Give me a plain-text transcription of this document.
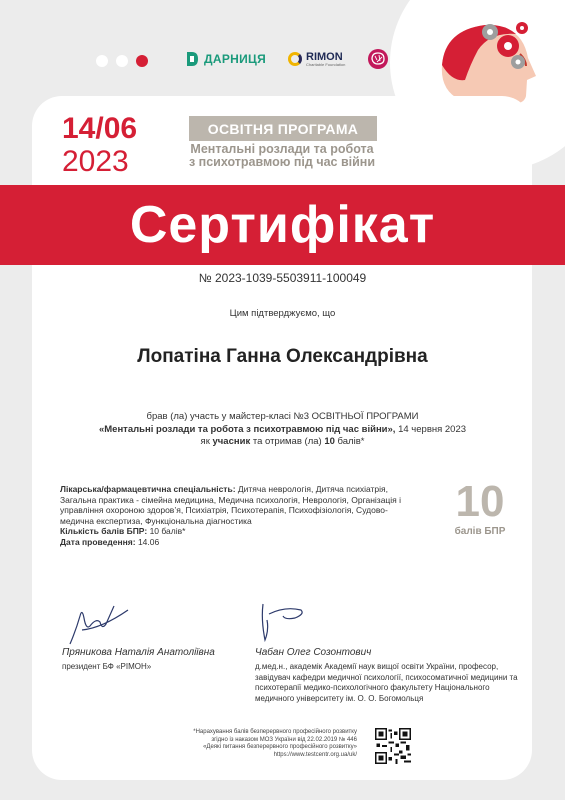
ДАРНИЦЯ	RIMON
Charitable Foundation
14/06
2023
ОСВІТНЯ ПРОГРАМА
Ментальні розлади та робота
з психотравмою під час війни
Сертифікат
№ 2023-1039-5503911-100049
Цим підтверджуємо, що
Лопатіна Ганна Олександрівна
брав (ла) участь у майстер-класі №3 ОСВІТНЬОЇ ПРОГРАМИ
«Ментальні розлади та робота з психотравмою під час війни», 14 червня 2023
як учасник та отримав (ла) 10 балів*

Лікарська/фармацевтична спеціальність: Дитяча неврологія, Дитяча психіатрія, Загальна практика - сімейна медицина, Медична психологія, Неврологія, Організація і управління охороною здоров’я, Психіатрія, Психотерапія, Психофізіологія, Судово-медична експертиза, Функціональна діагностика

Кількість балів БПР: 10 балів*

Дата проведення: 14.06

10
балів БПР
Пряникова Наталія Анатоліївна
президент БФ «РІМОН»
Чабан Олег Созонтович
д.мед.н., академік Академії наук вищої освіти України, професор, завідувач кафедри медичної психології, психосоматичної медицини та психотерапії медико-психологічного факультету Національного медичного університету ім. О. О. Богомольця
*Нарахування балів безперервного професійного розвитку
згідно із наказом МОЗ України від 22.02.2019 № 446
«Деякі питання безперервного професійного розвитку»
https://www.testcentr.org.ua/uk/
